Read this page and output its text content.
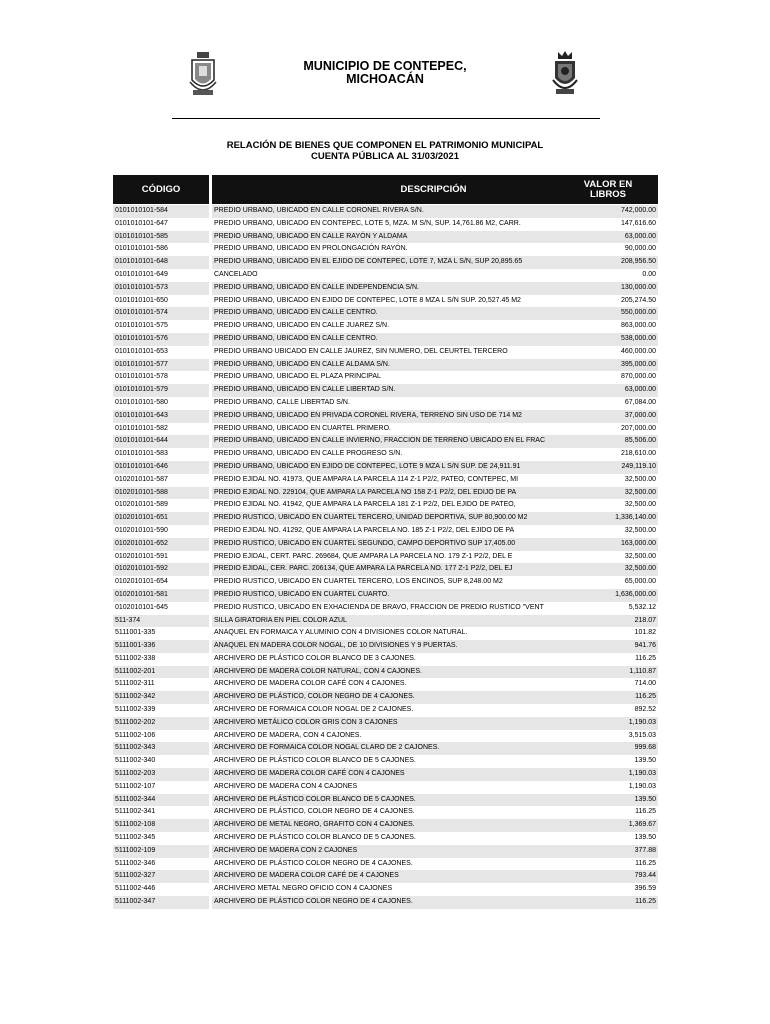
MUNICIPIO DE CONTEPEC,
MICHOACÁN
RELACIÓN DE BIENES QUE COMPONEN EL PATRIMONIO MUNICIPAL
CUENTA PÚBLICA AL 31/03/2021
CÓDIGO	DESCRIPCIÓN	VALOR EN
LIBROS
0101010101-584	PREDIO URBANO, UBICADO EN CALLE CORONEL RIVERA S/N.	742,000.00
0101010101-647	PREDIO URBANO, UBICADO EN CONTEPEC, LOTE 5, MZA. M S/N, SUP. 14,761.86 M2, CARR.	147,616.60
0101010101-585	PREDIO URBANO, UBICADO EN CALLE RAYÓN Y ALDAMA	63,000.00
0101010101-586	PREDIO URBANO, UBICADO EN PROLONGACIÓN RAYÓN.	90,000.00
0101010101-648	PREDIO URBANO, UBICADO EN EL EJIDO DE CONTEPEC, LOTE 7, MZA L S/N, SUP 20,895.65	208,956.50
0101010101-649	CANCELADO	0.00
0101010101-573	PREDIO URBANO, UBICADO EN CALLE INDEPENDENCIA S/N.	130,000.00
0101010101-650	PREDIO URBANO, UBICADO EN EJIDO DE CONTEPEC, LOTE 8 MZA L S/N SUP. 20,527.45 M2	205,274.50
0101010101-574	PREDIO URBANO, UBICADO EN CALLE CENTRO.	550,000.00
0101010101-575	PREDIO URBANO, UBICADO EN CALLE JUAREZ S/N.	863,000.00
0101010101-576	PREDIO URBANO, UBICADO EN CALLE CENTRO.	538,000.00
0101010101-653	PREDIO URBANO UBICADO EN CALLE JAUREZ, SIN NUMERO, DEL CEURTEL TERCERO	460,000.00
0101010101-577	PREDIO URBANO, UBICADO EN CALLE ALDAMA S/N.	395,000.00
0101010101-578	PREDIO URBANO, UBICADO EL PLAZA PRINCIPAL	870,000.00
0101010101-579	PREDIO URBANO, UBICADO EN CALLE LIBERTAD S/N.	63,000.00
0101010101-580	PREDIO URBANO, CALLE LIBERTAD S/N.	67,084.00
0101010101-643	PREDIO URBANO, UBICADO EN PRIVADA CORONEL RIVERA, TERRENO SIN USO DE 714 M2	37,000.00
0101010101-582	PREDIO URBANO, UBICADO EN CUARTEL PRIMERO.	207,000.00
0101010101-644	PREDIO URBANO, UBICADO EN CALLE INVIERNO, FRACCION DE TERRENO UBICADO EN EL FRAC	85,506.00
0101010101-583	PREDIO URBANO, UBICADO EN CALLE PROGRESO S/N.	218,610.00
0101010101-646	PREDIO URBANO, UBICADO EN EJIDO DE CONTEPEC, LOTE 9 MZA L S/N SUP. DE 24,911.91	249,119.10
0102010101-587	PREDIO EJIDAL NO. 41973, QUE AMPARA LA PARCELA 114 Z-1 P2/2, PATEO, CONTEPEC, MI	32,500.00
0102010101-588	PREDIO EJIDAL NO. 229104, QUE AMPARA LA PARCELA NO 158 Z-1 P2/2, DEL EDIJO DE PA	32,500.00
0102010101-589	PREDIO EJIDAL NO. 41942, QUE AMPARA LA PARCELA 181 Z-1 P2/2, DEL EJIDO DE PATEO,	32,500.00
0102010101-651	PREDIO RUSTICO, UBICADO EN CUARTEL TERCERO, UNIDAD DEPORTIVA, SUP 80,900.00 M2	1,336,140.00
0102010101-590	PREDIO EJIDAL NO. 41292, QUE AMPARA LA PARCELA NO. 185 Z-1 P2/2, DEL EJIDO DE PA	32,500.00
0102010101-652	PREDIO RUSTICO, UBICADO EN CUARTEL SEGUNDO, CAMPO DEPORTIVO SUP 17,405.00	163,000.00
0102010101-591	PREDIO EJIDAL, CERT. PARC. 269684, QUE AMPARA LA PARCELA NO. 179 Z-1 P2/2, DEL E	32,500.00
0102010101-592	PREDIO EJIDAL, CER. PARC. 206134, QUE AMPARA LA PARCELA NO. 177 Z-1 P2/2, DEL EJ	32,500.00
0102010101-654	PREDIO RUSTICO, UBICADO EN CUARTEL TERCERO, LOS ENCINOS, SUP 8,248.00 M2	65,000.00
0102010101-581	PREDIO RUSTICO, UBICADO EN CUARTEL CUARTO.	1,636,000.00
0102010101-645	PREDIO RUSTICO, UBICADO EN EXHACIENDA DE BRAVO, FRACCION DE PREDIO RUSTICO "VENT	5,532.12
511-374	SILLA GIRATORIA EN PIEL COLOR AZUL	218.07
5111001-335	ANAQUEL EN FORMAICA Y ALUMINIO CON 4 DIVISIONES COLOR NATURAL.	101.82
5111001-336	ANAQUEL EN MADERA COLOR NOGAL, DE 10 DIVISIONES Y 9 PUERTAS.	941.76
5111002-338	ARCHIVERO DE PLÁSTICO COLOR BLANCO DE 3 CAJONES.	116.25
5111002-201	ARCHIVERO DE MADERA COLOR NATURAL, CON 4 CAJONES.	1,110.87
5111002-311	ARCHIVERO DE MADERA COLOR CAFÉ CON 4 CAJONES.	714.00
5111002-342	ARCHIVERO DE PLÁSTICO, COLOR NEGRO DE 4 CAJONES.	116.25
5111002-339	ARCHIVERO DE FORMAICA COLOR NOGAL DE 2 CAJONES.	892.52
5111002-202	ARCHIVERO METÁLICO COLOR GRIS CON 3 CAJONES	1,190.03
5111002-106	ARCHIVERO DE MADERA, CON 4 CAJONES.	3,515.03
5111002-343	ARCHIVERO DE FORMAICA COLOR NOGAL CLARO DE 2 CAJONES.	999.68
5111002-340	ARCHIVERO DE PLÁSTICO COLOR BLANCO DE 5 CAJONES.	139.50
5111002-203	ARCHIVERO DE MADERA COLOR CAFÉ CON 4 CAJONES	1,190.03
5111002-107	ARCHIVERO DE MADERA CON 4 CAJONES	1,190.03
5111002-344	ARCHIVERO DE PLÁSTICO COLOR BLANCO DE 5 CAJONES.	139.50
5111002-341	ARCHIVERO DE PLÁSTICO, COLOR NEGRO DE 4 CAJONES.	116.25
5111002-108	ARCHIVERO DE METAL NEGRO, GRAFITO CON 4 CAJONES.	1,369.67
5111002-345	ARCHIVERO DE PLÁSTICO COLOR BLANCO DE 5 CAJONES.	139.50
5111002-109	ARCHIVERO DE MADERA CON 2 CAJONES	377.88
5111002-346	ARCHIVERO DE PLÁSTICO COLOR NEGRO DE 4 CAJONES.	116.25
5111002-327	ARCHIVERO DE MADERA COLOR CAFÉ DE 4 CAJONES	793.44
5111002-446	ARCHIVERO METAL NEGRO OFICIO CON 4 CAJONES	396.59
5111002-347	ARCHIVERO DE PLÁSTICO COLOR NEGRO DE 4 CAJONES.	116.25
